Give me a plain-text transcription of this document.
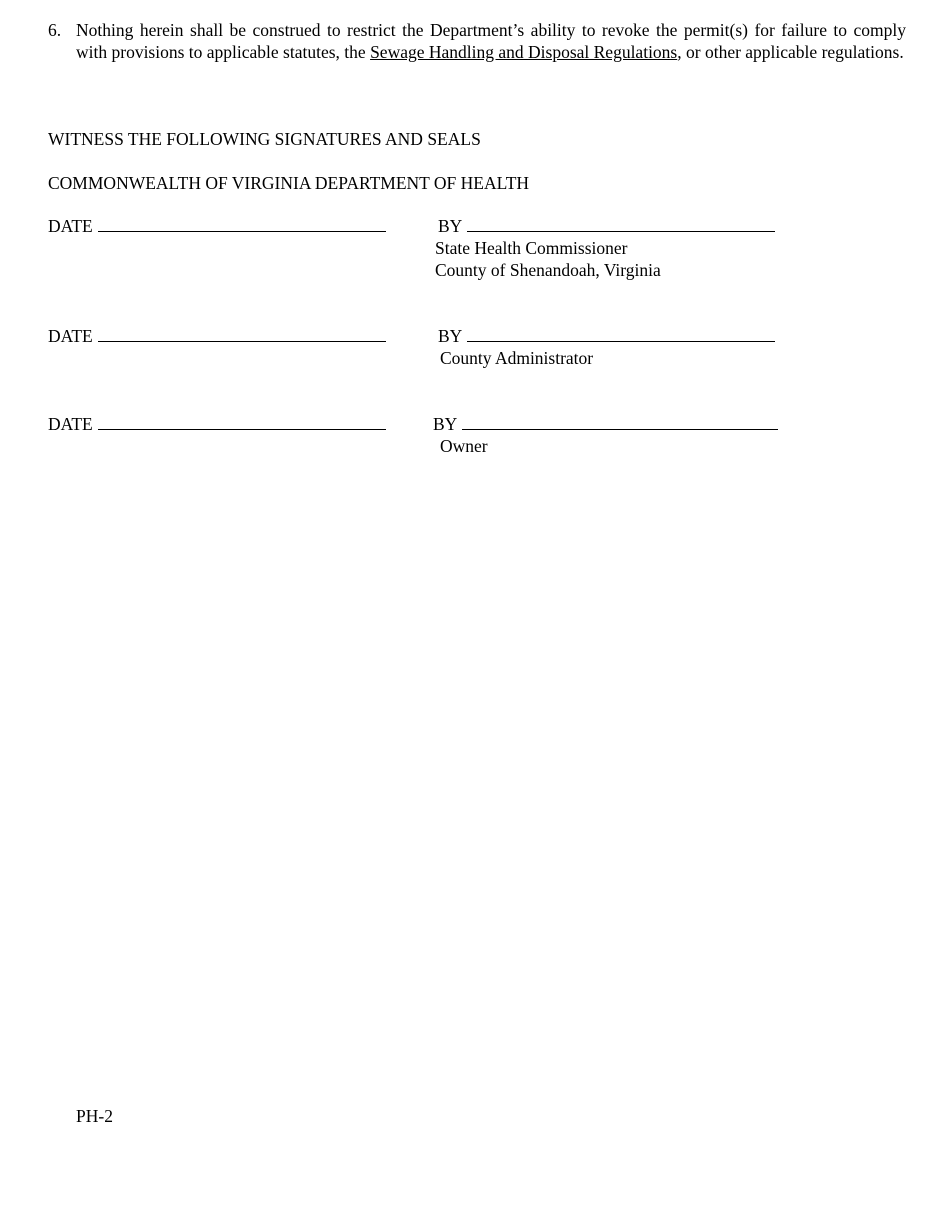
6. Nothing herein shall be construed to restrict the Department’s ability to revoke the permit(s) for failure to comply with provisions to applicable statutes, the Sewage Handling and Disposal Regulations, or other applicable regulations.
WITNESS THE FOLLOWING SIGNATURES AND SEALS
COMMONWEALTH OF VIRGINIA DEPARTMENT OF HEALTH
DATE	BY
State Health Commissioner
County of Shenandoah, Virginia
DATE	BY
County Administrator
DATE	BY
Owner
PH-2
